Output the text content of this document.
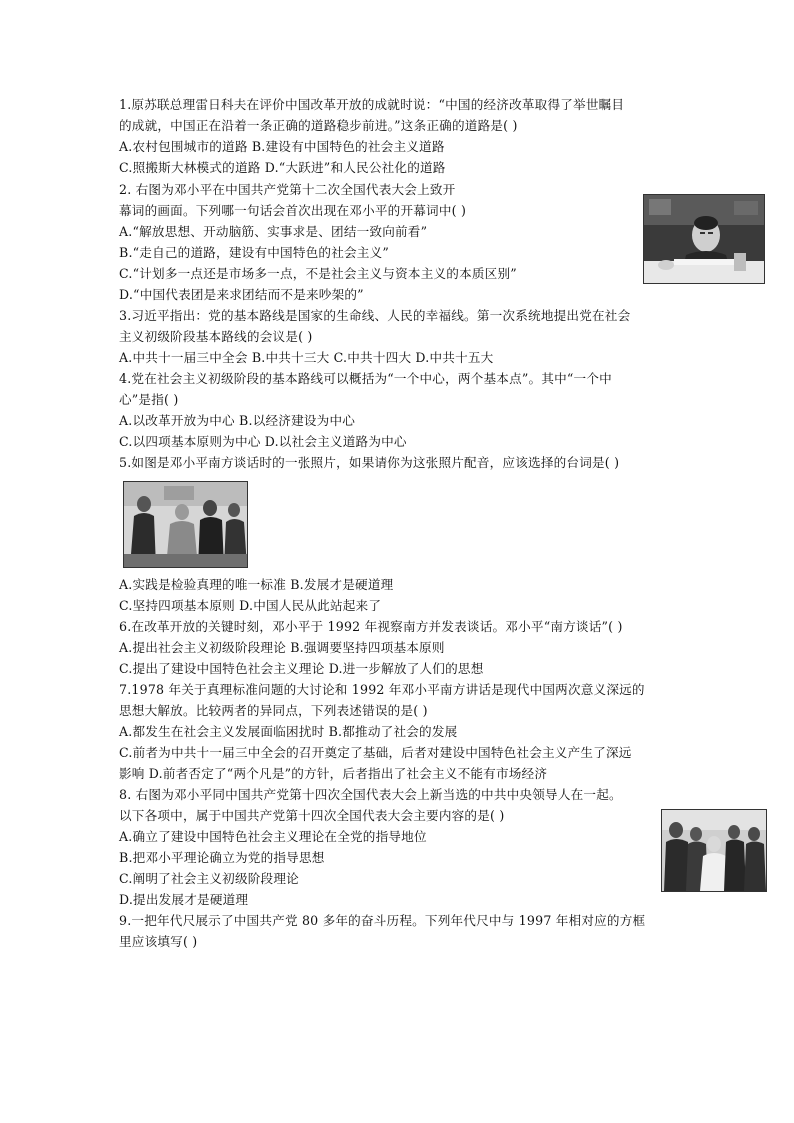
1.原苏联总理雷日科夫在评价中国改革开放的成就时说：“中国的经济改革取得了举世瞩目
的成就，中国正在沿着一条正确的道路稳步前进。”这条正确的道路是( )
A.农村包围城市的道路 B.建设有中国特色的社会主义道路
C.照搬斯大林模式的道路 D.“大跃进”和人民公社化的道路
2. 右图为邓小平在中国共产党第十二次全国代表大会上致开
幕词的画面。下列哪一句话会首次出现在邓小平的开幕词中( )
A.“解放思想、开动脑筋、实事求是、团结一致向前看”
B.“走自己的道路，建设有中国特色的社会主义”
C.“计划多一点还是市场多一点，不是社会主义与资本主义的本质区别”
D.“中国代表团是来求团结而不是来吵架的”
3.习近平指出：党的基本路线是国家的生命线、人民的幸福线。第一次系统地提出党在社会
主义初级阶段基本路线的会议是( )
A.中共十一届三中全会 B.中共十三大 C.中共十四大 D.中共十五大
4.党在社会主义初级阶段的基本路线可以概括为“一个中心，两个基本点”。其中“一个中
心”是指( )
A.以改革开放为中心 B.以经济建设为中心
C.以四项基本原则为中心 D.以社会主义道路为中心
5.如图是邓小平南方谈话时的一张照片，如果请你为这张照片配音，应该选择的台词是( )
A.实践是检验真理的唯一标准 B.发展才是硬道理
C.坚持四项基本原则 D.中国人民从此站起来了
6.在改革开放的关键时刻，邓小平于 1992 年视察南方并发表谈话。邓小平“南方谈话”( )
A.提出社会主义初级阶段理论 B.强调要坚持四项基本原则
C.提出了建设中国特色社会主义理论 D.进一步解放了人们的思想
7.1978 年关于真理标准问题的大讨论和 1992 年邓小平南方讲话是现代中国两次意义深远的
思想大解放。比较两者的异同点，下列表述错误的是( )
A.都发生在社会主义发展面临困扰时 B.都推动了社会的发展
C.前者为中共十一届三中全会的召开奠定了基础，后者对建设中国特色社会主义产生了深远
影响 D.前者否定了“两个凡是”的方针，后者指出了社会主义不能有市场经济
8. 右图为邓小平同中国共产党第十四次全国代表大会上新当选的中共中央领导人在一起。
以下各项中，属于中国共产党第十四次全国代表大会主要内容的是( )
A.确立了建设中国特色社会主义理论在全党的指导地位
B.把邓小平理论确立为党的指导思想
C.阐明了社会主义初级阶段理论
D.提出发展才是硬道理
9.一把年代尺展示了中国共产党 80 多年的奋斗历程。下列年代尺中与 1997 年相对应的方框
里应该填写( )
